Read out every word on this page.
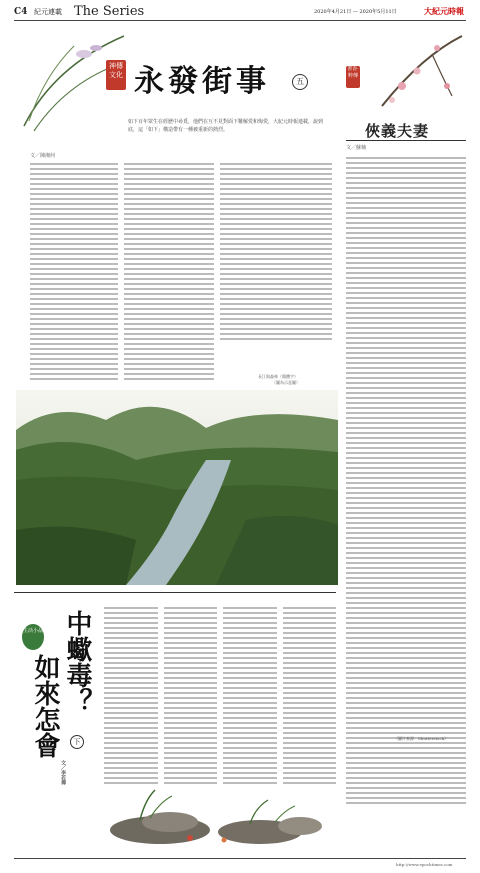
C4 紀元連載 The Series	2020年4月21日 — 2020年5月11日	大紀元時報
神傳文化 永發街事	五
如下百年眾生在經歷中尋覓，他們在互不見對面下難解愛和悔愛，大紀元時報連載，說到底，這「如下」構造帶有一種被重新的熱烈。
書香·粹傳
俠義夫妻
文／蘇楠
文／陳湘何
長江與森林（簡體字）
（圖為示意圖）
生活小品 中蠍毒？
下
如來怎會
文／李若禪
（圖片來源：Shutterstock）
http://www.epochtimes.com
